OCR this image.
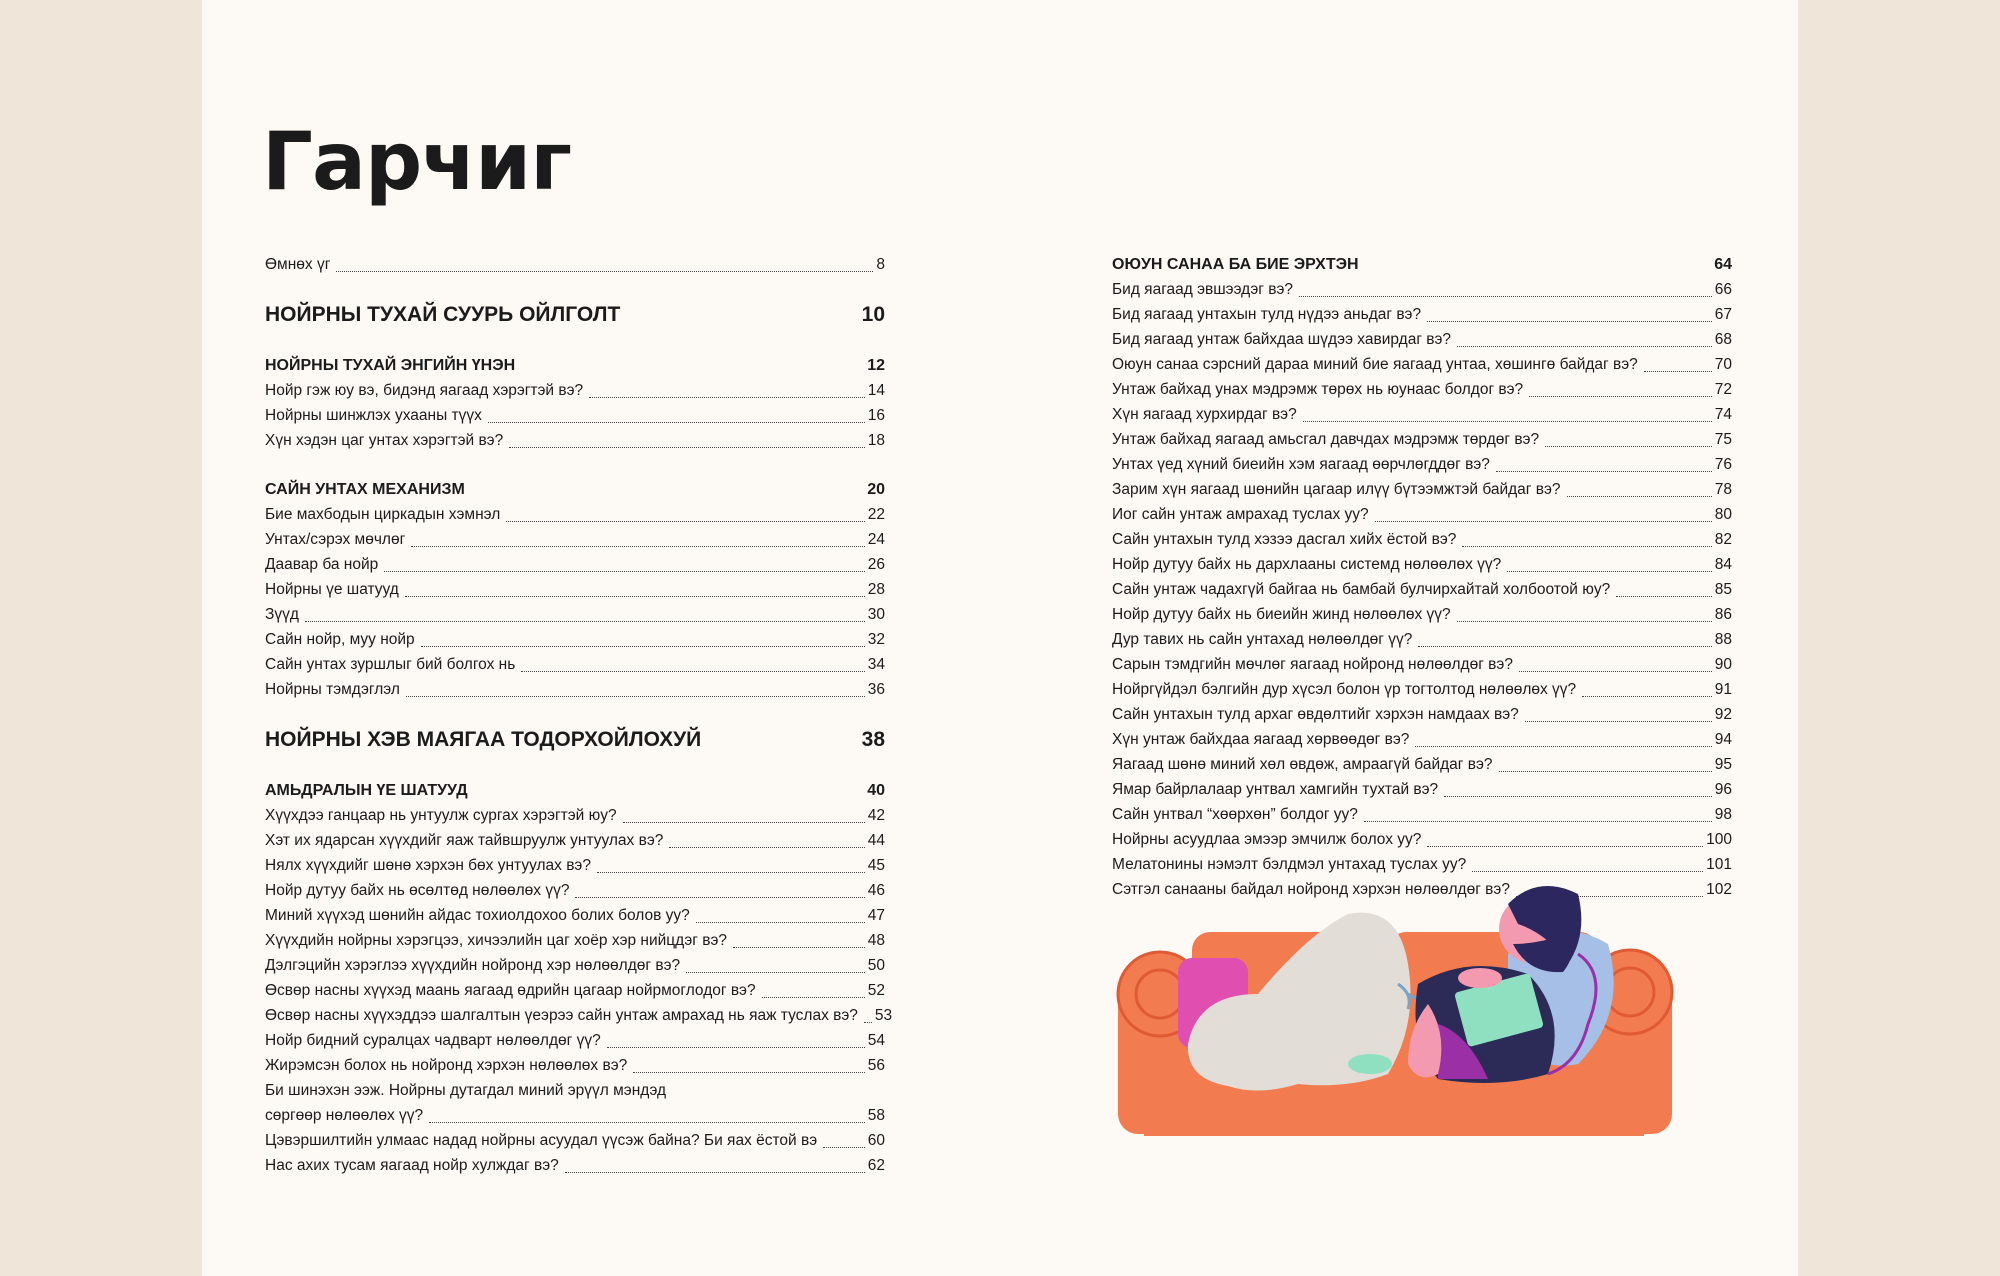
Гарчиг
Өмнөх үг	8
НОЙРНЫ ТУХАЙ СУУРЬ ОЙЛГОЛТ	10
НОЙРНЫ ТУХАЙ ЭНГИЙН ҮНЭН	12
Нойр гэж юу вэ, бидэнд яагаад хэрэгтэй вэ?	14
Нойрны шинжлэх ухааны түүх	16
Хүн хэдэн цаг унтах хэрэгтэй вэ?	18
САЙН УНТАХ МЕХАНИЗМ	20
Бие махбодын циркадын хэмнэл	22
Унтах/сэрэх мөчлөг	24
Даавар ба нойр	26
Нойрны үе шатууд	28
Зүүд	30
Сайн нойр, муу нойр	32
Сайн унтах зуршлыг бий болгох нь	34
Нойрны тэмдэглэл	36
НОЙРНЫ ХЭВ МАЯГАА ТОДОРХОЙЛОХУЙ	38
АМЬДРАЛЫН ҮЕ ШАТУУД	40
Хүүхдээ ганцаар нь унтуулж сургах хэрэгтэй юу?	42
Хэт их ядарсан хүүхдийг яаж тайвшруулж унтуулах вэ?	44
Нялх хүүхдийг шөнө хэрхэн бөх унтуулах вэ?	45
Нойр дутуу байх нь өсөлтөд нөлөөлөх үү?	46
Миний хүүхэд шөнийн айдас тохиолдохоо болих болов уу?	47
Хүүхдийн нойрны хэрэгцээ, хичээлийн цаг хоёр хэр нийцдэг вэ?	48
Дэлгэцийн хэрэглээ хүүхдийн нойронд хэр нөлөөлдөг вэ?	50
Өсвөр насны хүүхэд маань яагаад өдрийн цагаар нойрмоглодог вэ?	52
Өсвөр насны хүүхэддээ шалгалтын үеэрээ сайн унтаж амрахад нь яаж туслах вэ? 53
Нойр бидний суралцах чадварт нөлөөлдөг үү?	54
Жирэмсэн болох нь нойронд хэрхэн нөлөөлөх вэ?	56
Би шинэхэн ээж. Нойрны дутагдал миний эрүүл мэндэд
сөргөөр нөлөөлөх үү?	58
Цэвэршилтийн улмаас надад нойрны асуудал үүсэж байна? Би яах ёстой вэ	60
Нас ахих тусам яагаад нойр хулждаг вэ?	62
ОЮУН САНАА БА БИЕ ЭРХТЭН	64
Бид яагаад эвшээдэг вэ?	66
Бид яагаад унтахын тулд нүдээ аньдаг вэ?	67
Бид яагаад унтаж байхдаа шүдээ хавирдаг вэ?	68
Оюун санаа сэрсний дараа миний бие яагаад унтаа, хөшингө байдаг вэ?	70
Унтаж байхад унах мэдрэмж төрөх нь юунаас болдог вэ?	72
Хүн яагаад хурхирдаг вэ?	74
Унтаж байхад яагаад амьсгал давчдах мэдрэмж төрдөг вэ?	75
Унтах үед хүний биеийн хэм яагаад өөрчлөгддөг вэ?	76
Зарим хүн яагаад шөнийн цагаар илүү бүтээмжтэй байдаг вэ?	78
Иог сайн унтаж амрахад туслах уу?	80
Сайн унтахын тулд хэзээ дасгал хийх ёстой вэ?	82
Нойр дутуу байх нь дархлааны системд нөлөөлөх үү?	84
Сайн унтаж чадахгүй байгаа нь бамбай булчирхайтай холбоотой юу?	85
Нойр дутуу байх нь биеийн жинд нөлөөлөх үү?	86
Дур тавих нь сайн унтахад нөлөөлдөг үү?	88
Сарын тэмдгийн мөчлөг яагаад нойронд нөлөөлдөг вэ?	90
Нойргүйдэл бэлгийн дур хүсэл болон үр тогтолтод нөлөөлөх үү?	91
Сайн унтахын тулд архаг өвдөлтийг хэрхэн намдаах вэ?	92
Хүн унтаж байхдаа яагаад хөрвөөдөг вэ?	94
Яагаад шөнө миний хөл өвдөж, амраагүй байдаг вэ?	95
Ямар байрлалаар унтвал хамгийн тухтай вэ?	96
Сайн унтвал “хөөрхөн” болдог уу?	98
Нойрны асуудлаа эмээр эмчилж болох уу?	100
Мелатонины нэмэлт бэлдмэл унтахад туслах уу?	101
Сэтгэл санааны байдал нойронд хэрхэн нөлөөлдөг вэ?	102
